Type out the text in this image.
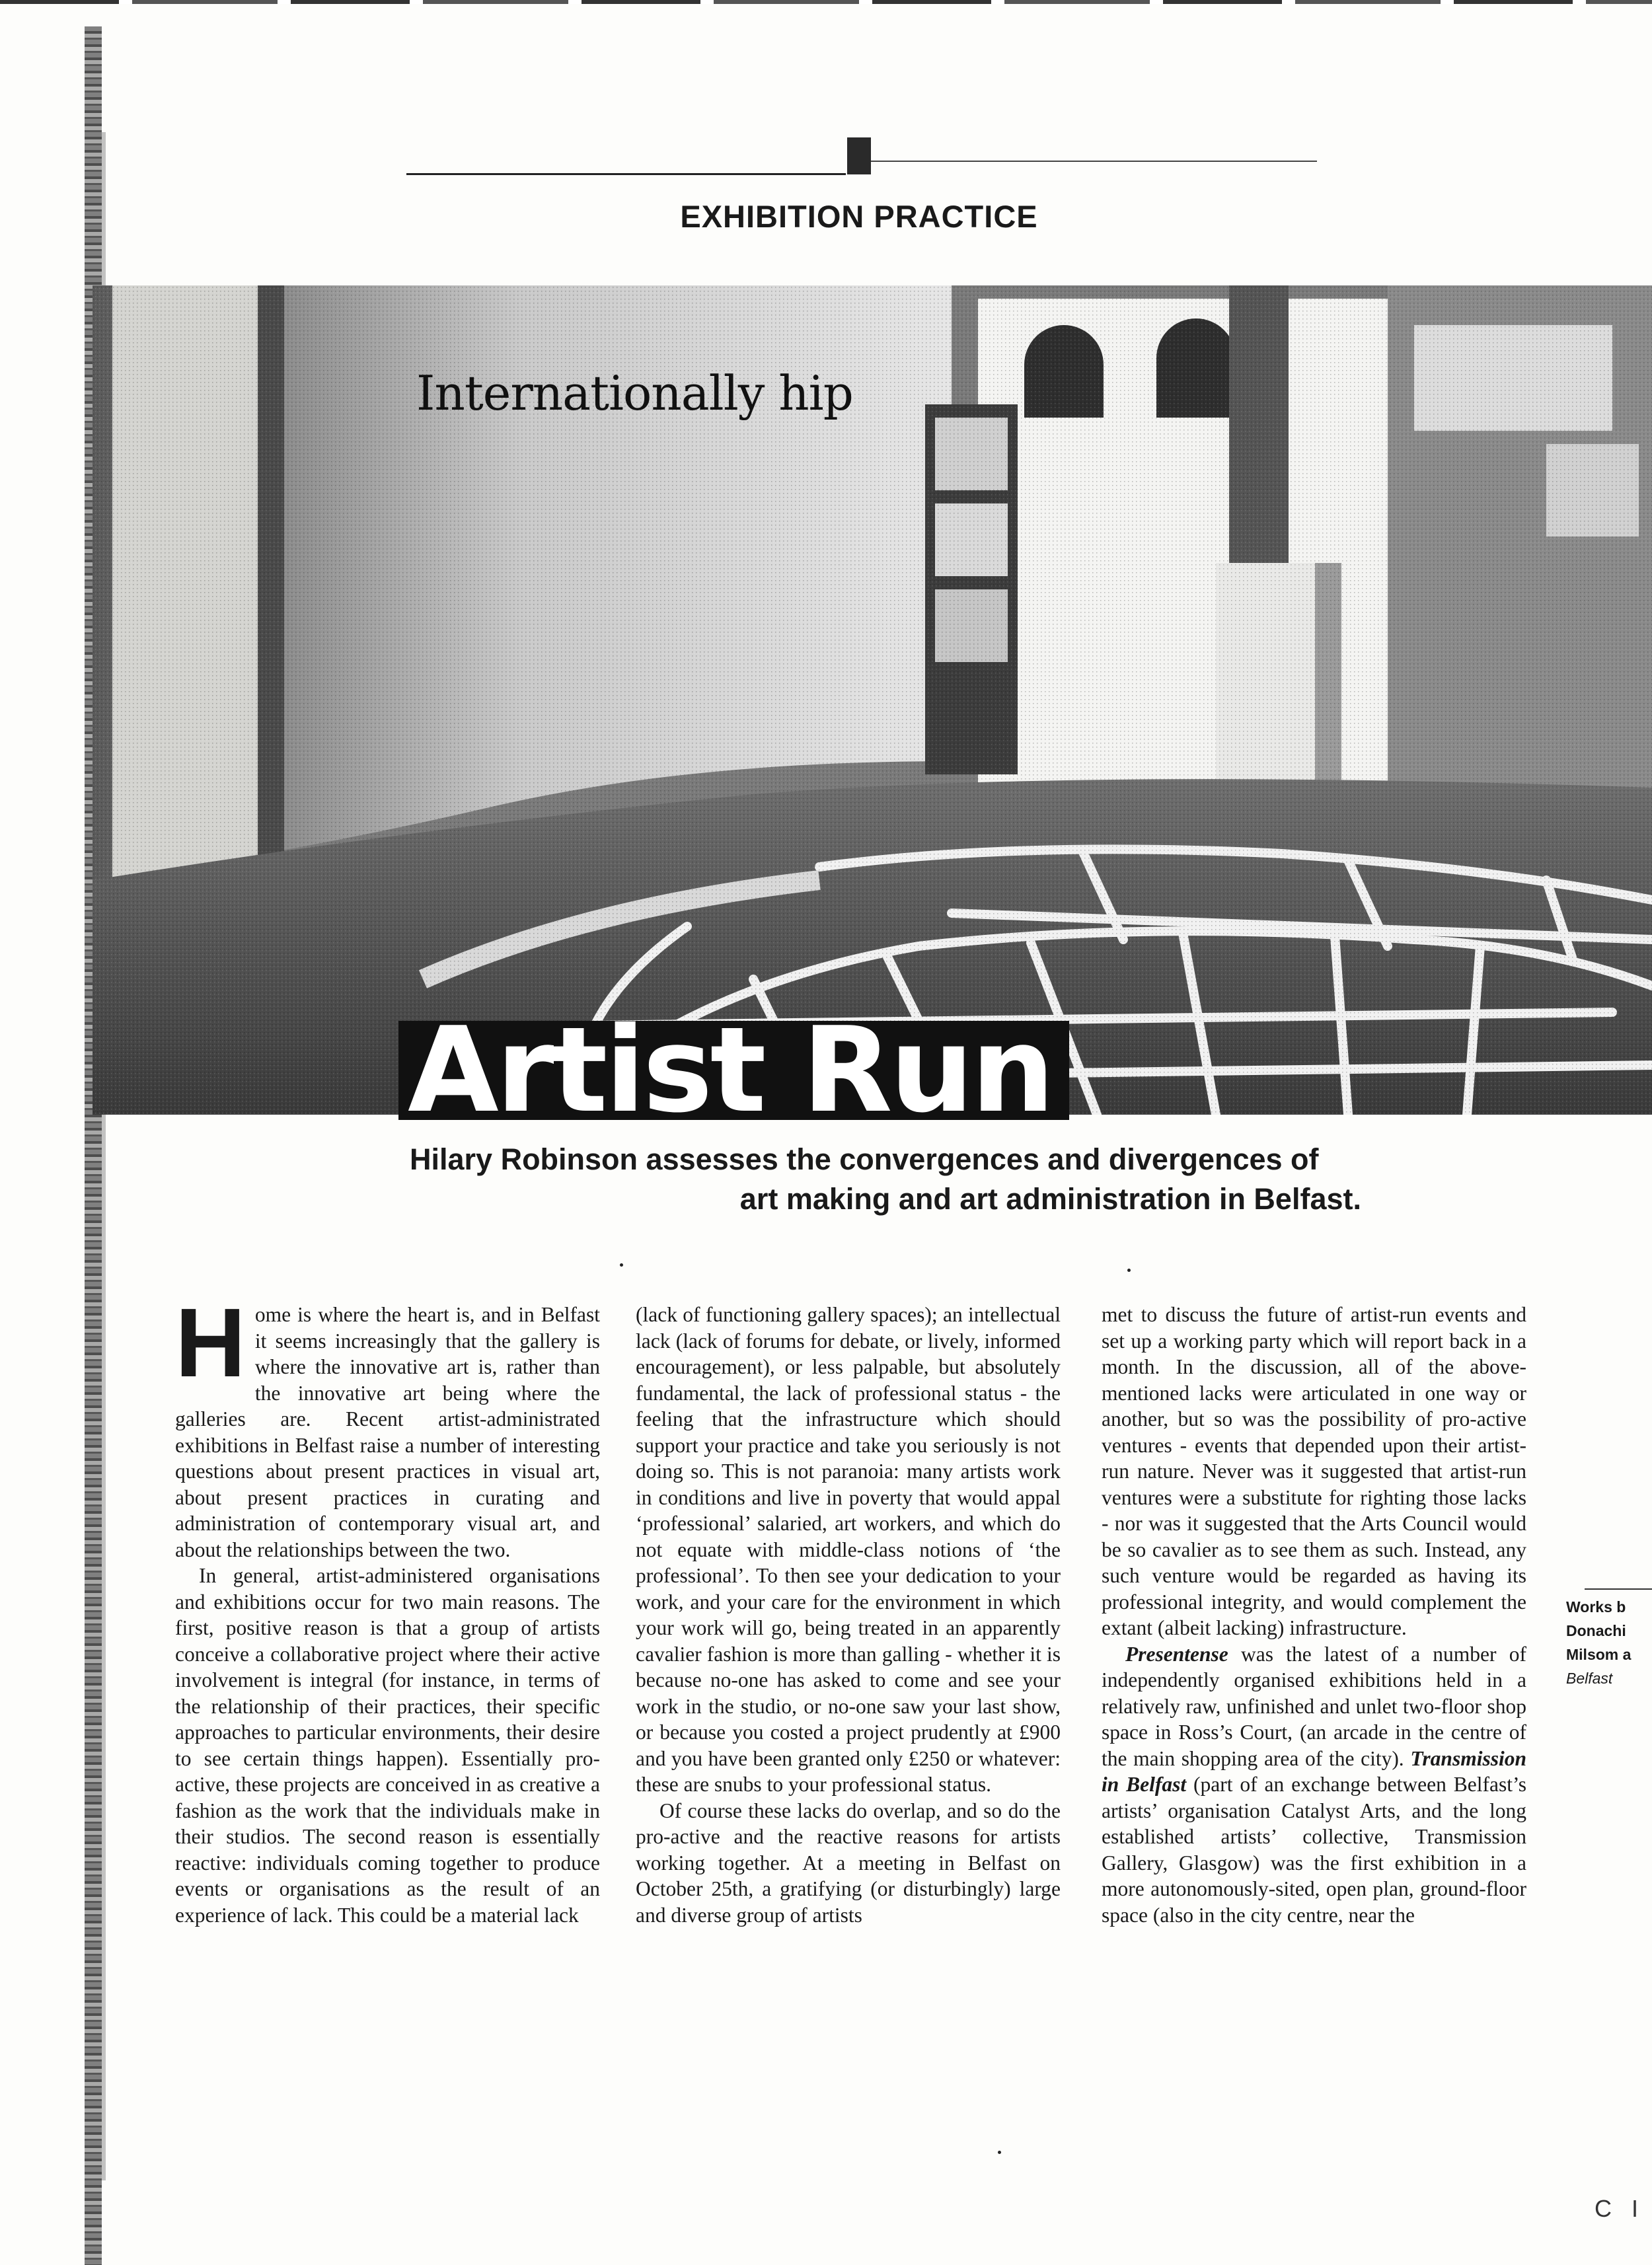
EXHIBITION PRACTICE
Internationally hip
Artist Run
Hilary Robinson assesses the convergences and divergences of
art making and art administration in Belfast.

Home is where the heart is, and in Belfast it seems increasingly that the gallery is where the innovative art is, rather than the innovative art being where the galleries are. Recent artist-administrated exhibitions in Belfast raise a number of interesting questions about present practices in visual art, about present practices in curating and administration of contemporary visual art, and about the relationships between the two.

In general, artist-administered organisations and exhibitions occur for two main reasons. The first, positive reason is that a group of artists conceive a collaborative project where their active involvement is integral (for instance, in terms of the relationship of their practices, their specific approaches to particular environments, their desire to see certain things happen). Essentially pro-active, these projects are conceived in as creative a fashion as the work that the individuals make in their studios. The second reason is essentially reactive: individuals coming together to produce events or organisations as the result of an experience of lack. This could be a material lack

(lack of functioning gallery spaces); an intellectual lack (lack of forums for debate, or lively, informed encouragement), or less palpable, but absolutely fundamental, the lack of professional status - the feeling that the infrastructure which should support your practice and take you seriously is not doing so. This is not paranoia: many artists work in conditions and live in poverty that would appal ‘professional’ salaried, art workers, and which do not equate with middle-class notions of ‘the professional’. To then see your dedication to your work, and your care for the environment in which your work will go, being treated in an apparently cavalier fashion is more than galling - whether it is because no-one has asked to come and see your work in the studio, or no-one saw your last show, or because you costed a project prudently at £900 and you have been granted only £250 or whatever: these are snubs to your professional status.

Of course these lacks do overlap, and so do the pro-active and the reactive reasons for artists working together. At a meeting in Belfast on October 25th, a gratifying (or disturbingly) large and diverse group of artists

met to discuss the future of artist-run events and set up a working party which will report back in a month. In the discussion, all of the above-mentioned lacks were articulated in one way or another, but so was the possibility of pro-active ventures - events that depended upon their artist-run nature. Never was it suggested that artist-run ventures were a substitute for righting those lacks - nor was it suggested that the Arts Council would be so cavalier as to see them as such. Instead, any such venture would be regarded as having its professional integrity, and would complement the extant (albeit lacking) infrastructure.

Presentense was the latest of a number of independently organised exhibitions held in a relatively raw, unfinished and unlet two-floor shop space in Ross’s Court, (an arcade in the centre of the main shopping area of the city). Transmission in Belfast (part of an exchange between Belfast’s artists’ organisation Catalyst Arts, and the long established artists’ collective, Transmission Gallery, Glasgow) was the first exhibition in a more autonomously-sited, open plan, ground-floor space (also in the city centre, near the

Works b
Donachi
Milsom a
Belfast
C I
